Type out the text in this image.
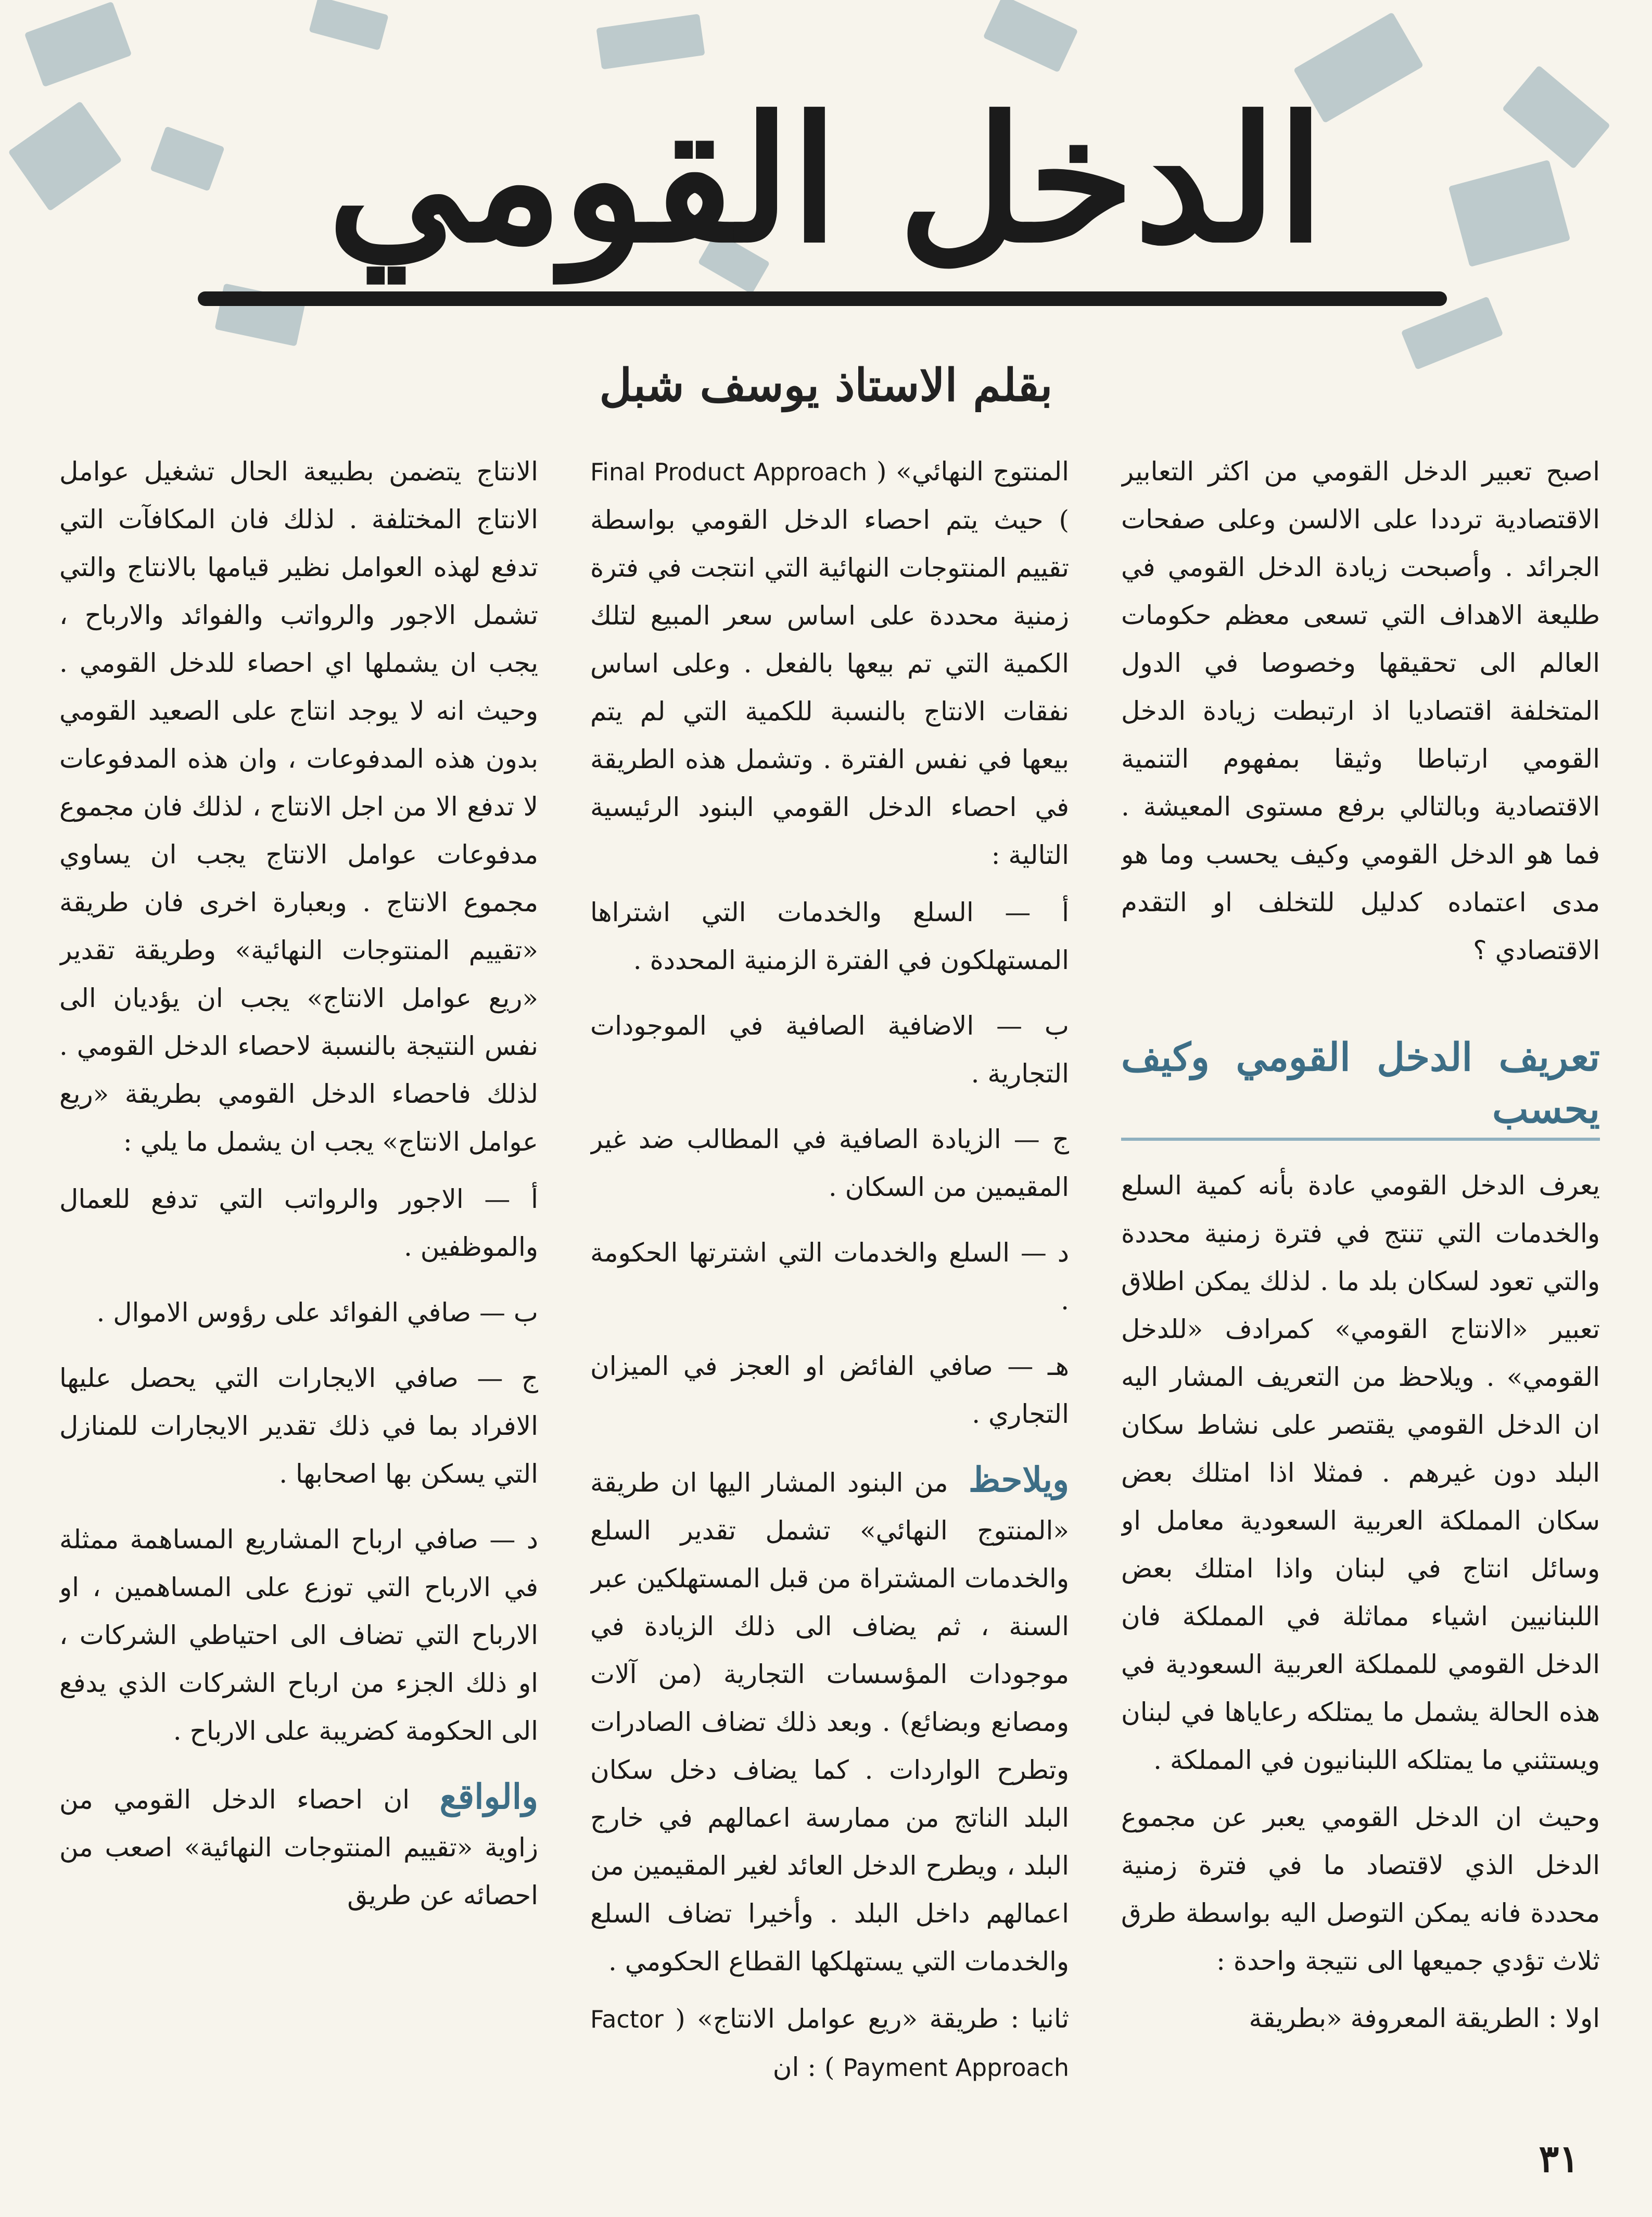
الدخل القومي
بقلم الاستاذ يوسف شبل

اصبح تعبير الدخل القومي من اكثر التعابير الاقتصادية ترددا على الالسن وعلى صفحات الجرائد . وأصبحت زيادة الدخل القومي في طليعة الاهداف التي تسعى معظم حكومات العالم الى تحقيقها وخصوصا في الدول المتخلفة اقتصاديا اذ ارتبطت زيادة الدخل القومي ارتباطا وثيقا بمفهوم التنمية الاقتصادية وبالتالي برفع مستوى المعيشة . فما هو الدخل القومي وكيف يحسب وما هو مدى اعتماده كدليل للتخلف او التقدم الاقتصادي ؟

تعريف الدخل القومي وكيف يحسب

يعرف الدخل القومي عادة بأنه كمية السلع والخدمات التي تنتج في فترة زمنية محددة والتي تعود لسكان بلد ما . لذلك يمكن اطلاق تعبير «الانتاج القومي» كمرادف «للدخل القومي» . ويلاحظ من التعريف المشار اليه ان الدخل القومي يقتصر على نشاط سكان البلد دون غيرهم . فمثلا اذا امتلك بعض سكان المملكة العربية السعودية معامل او وسائل انتاج في لبنان واذا امتلك بعض اللبنانيين اشياء مماثلة في المملكة فان الدخل القومي للمملكة العربية السعودية في هذه الحالة يشمل ما يمتلكه رعاياها في لبنان ويستثني ما يمتلكه اللبنانيون في المملكة .

وحيث ان الدخل القومي يعبر عن مجموع الدخل الذي لاقتصاد ما في فترة زمنية محددة فانه يمكن التوصل اليه بواسطة طرق ثلاث تؤدي جميعها الى نتيجة واحدة :

اولا : الطريقة المعروفة «بطريقة

المنتوج النهائي» ( Final Product Approach ) حيث يتم احصاء الدخل القومي بواسطة تقييم المنتوجات النهائية التي انتجت في فترة زمنية محددة على اساس سعر المبيع لتلك الكمية التي تم بيعها بالفعل . وعلى اساس نفقات الانتاج بالنسبة للكمية التي لم يتم بيعها في نفس الفترة . وتشمل هذه الطريقة في احصاء الدخل القومي البنود الرئيسية التالية :

أ — السلع والخدمات التي اشتراها المستهلكون في الفترة الزمنية المحددة .

ب — الاضافية الصافية في الموجودات التجارية .

ج — الزيادة الصافية في المطالب ضد غير المقيمين من السكان .

د — السلع والخدمات التي اشترتها الحكومة .

هـ — صافي الفائض او العجز في الميزان التجاري .

ويلاحظ من البنود المشار اليها ان طريقة «المنتوج النهائي» تشمل تقدير السلع والخدمات المشتراة من قبل المستهلكين عبر السنة ، ثم يضاف الى ذلك الزيادة في موجودات المؤسسات التجارية (من آلات ومصانع وبضائع) . وبعد ذلك تضاف الصادرات وتطرح الواردات . كما يضاف دخل سكان البلد الناتج من ممارسة اعمالهم في خارج البلد ، ويطرح الدخل العائد لغير المقيمين من اعمالهم داخل البلد . وأخيرا تضاف السلع والخدمات التي يستهلكها القطاع الحكومي .

ثانيا : طريقة «ريع عوامل الانتاج» ( Factor Payment Approach ) : ان

الانتاج يتضمن بطبيعة الحال تشغيل عوامل الانتاج المختلفة . لذلك فان المكافآت التي تدفع لهذه العوامل نظير قيامها بالانتاج والتي تشمل الاجور والرواتب والفوائد والارباح ، يجب ان يشملها اي احصاء للدخل القومي . وحيث انه لا يوجد انتاج على الصعيد القومي بدون هذه المدفوعات ، وان هذه المدفوعات لا تدفع الا من اجل الانتاج ، لذلك فان مجموع مدفوعات عوامل الانتاج يجب ان يساوي مجموع الانتاج . وبعبارة اخرى فان طريقة «تقييم المنتوجات النهائية» وطريقة تقدير «ريع عوامل الانتاج» يجب ان يؤديان الى نفس النتيجة بالنسبة لاحصاء الدخل القومي . لذلك فاحصاء الدخل القومي بطريقة «ريع عوامل الانتاج» يجب ان يشمل ما يلي :

أ — الاجور والرواتب التي تدفع للعمال والموظفين .

ب — صافي الفوائد على رؤوس الاموال .

ج — صافي الايجارات التي يحصل عليها الافراد بما في ذلك تقدير الايجارات للمنازل التي يسكن بها اصحابها .

د — صافي ارباح المشاريع المساهمة ممثلة في الارباح التي توزع على المساهمين ، او الارباح التي تضاف الى احتياطي الشركات ، او ذلك الجزء من ارباح الشركات الذي يدفع الى الحكومة كضريبة على الارباح .

والواقع ان احصاء الدخل القومي من زاوية «تقييم المنتوجات النهائية» اصعب من احصائه عن طريق

٣١
